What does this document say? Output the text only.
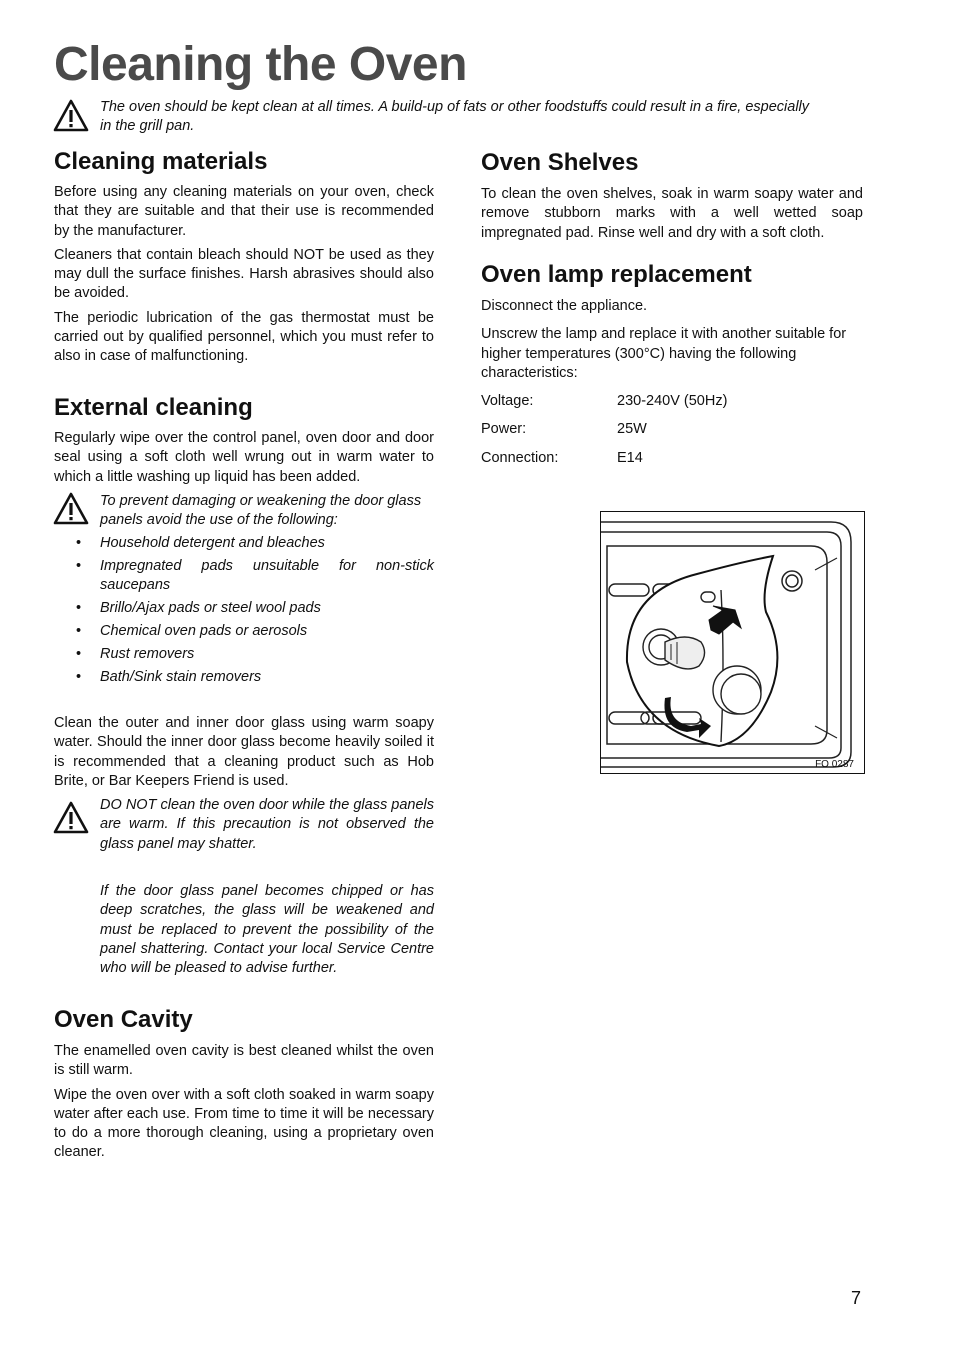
Cleaning the Oven
The oven should be kept clean at all times. A build-up of fats or other foodstuffs could result in a fire, especially in the grill pan.
Cleaning materials

Before using any cleaning materials on your oven, check that they are suitable and that their use is recommended by the manufacturer.

Cleaners that contain bleach should NOT be used as they may dull the surface finishes. Harsh abrasives should also be avoided.

The periodic lubrication of the gas thermostat must be carried out by qualified personnel, which you must refer to also in case of malfunctioning.

External cleaning

Regularly wipe over the control panel, oven door and door seal using a soft cloth well wrung out in warm water to which a little washing up liquid has been added.

To prevent damaging or weakening the door glass panels avoid the use of the following:
• Household detergent and bleaches
• Impregnated pads unsuitable for non-stick saucepans
• Brillo/Ajax pads or steel wool pads
• Chemical oven pads or aerosols
• Rust removers
• Bath/Sink stain removers

Clean the outer and inner door glass using warm soapy water. Should the inner door glass become heavily soiled it is recommended that a cleaning product such as Hob Brite, or Bar Keepers Friend is used.

DO NOT clean the oven door while the glass panels are warm. If this precaution is not observed the glass panel may shatter.
If the door glass panel becomes chipped or has deep scratches, the glass will be weakened and must be replaced to prevent the possibility of the panel shattering. Contact your local Service Centre who will be pleased to advise further.
Oven Cavity

The enamelled oven cavity is best cleaned whilst the oven is still warm.

Wipe the oven over with a soft cloth soaked in warm soapy water after each use. From time to time it will be necessary to do a more thorough cleaning, using a proprietary oven cleaner.

Oven Shelves

To clean the oven shelves, soak in warm soapy water and remove stubborn marks with a well wetted soap impregnated pad. Rinse well and dry with a soft cloth.

Oven lamp replacement

Disconnect the appliance.

Unscrew the lamp and replace it with another suitable for higher temperatures (300°C) having the following characteristics:

Voltage:	230-240V (50Hz)
Power:	25W
Connection:	E14
FO 0287
7
